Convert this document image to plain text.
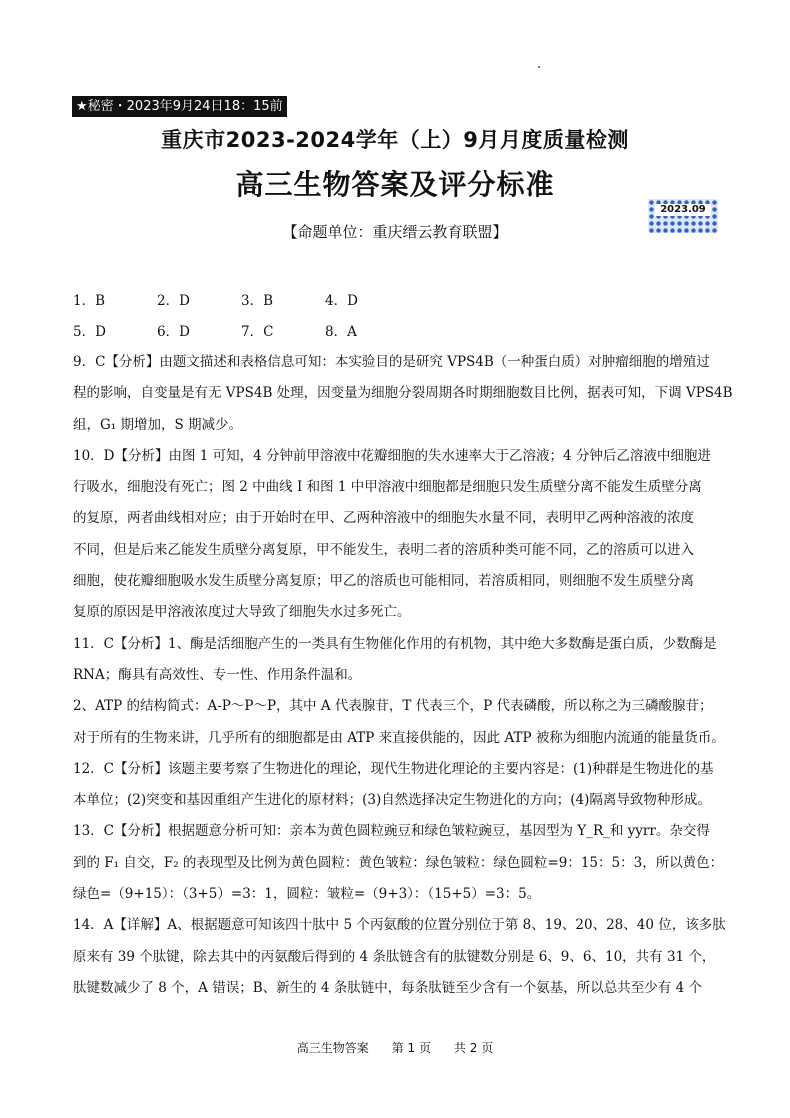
★秘密・2023年9月24日18：15前
重庆市2023-2024学年（上）9月月度质量检测
高三生物答案及评分标准
2023.09
【命题单位：重庆缙云教育联盟】
1．B	2．D	3．B	4．D
5．D	6．D	7．C	8．A
9．C【分析】由题文描述和表格信息可知：本实验目的是研究 VPS4B（一种蛋白质）对肿瘤细胞的增殖过
程的影响，自变量是有无 VPS4B 处理，因变量为细胞分裂周期各时期细胞数目比例，据表可知，下调 VPS4B
组，G₁ 期增加，S 期减少。
10．D【分析】由图 1 可知，4 分钟前甲溶液中花瓣细胞的失水速率大于乙溶液；4 分钟后乙溶液中细胞进
行吸水，细胞没有死亡；图 2 中曲线 I 和图 1 中甲溶液中细胞都是细胞只发生质壁分离不能发生质壁分离
的复原，两者曲线相对应；由于开始时在甲、乙两种溶液中的细胞失水量不同，表明甲乙两种溶液的浓度
不同，但是后来乙能发生质壁分离复原，甲不能发生，表明二者的溶质种类可能不同，乙的溶质可以进入
细胞，使花瓣细胞吸水发生质壁分离复原；甲乙的溶质也可能相同，若溶质相同，则细胞不发生质壁分离
复原的原因是甲溶液浓度过大导致了细胞失水过多死亡。
11．C【分析】1、酶是活细胞产生的一类具有生物催化作用的有机物，其中绝大多数酶是蛋白质，少数酶是
RNA；酶具有高效性、专一性、作用条件温和。
2、ATP 的结构简式：A-P～P～P，其中 A 代表腺苷，T 代表三个，P 代表磷酸，所以称之为三磷酸腺苷；
对于所有的生物来讲，几乎所有的细胞都是由 ATP 来直接供能的，因此 ATP 被称为细胞内流通的能量货币。
12．C【分析】该题主要考察了生物进化的理论，现代生物进化理论的主要内容是：(1)种群是生物进化的基
本单位；(2)突变和基因重组产生进化的原材料；(3)自然选择决定生物进化的方向；(4)隔离导致物种形成。
13．C【分析】根据题意分析可知：亲本为黄色圆粒豌豆和绿色皱粒豌豆，基因型为 Y_R_和 yyrr。杂交得
到的 F₁ 自交，F₂ 的表现型及比例为黄色圆粒：黄色皱粒：绿色皱粒：绿色圆粒=9：15：5：3，所以黄色：
绿色=（9+15）：（3+5）=3：1，圆粒：皱粒=（9+3）：（15+5）=3：5。
14．A【详解】A、根据题意可知该四十肽中 5 个丙氨酸的位置分别位于第 8、19、20、28、40 位，该多肽
原来有 39 个肽键，除去其中的丙氨酸后得到的 4 条肽链含有的肽键数分别是 6、9、6、10，共有 31 个，
肽键数减少了 8 个，A 错误；B、新生的 4 条肽链中，每条肽链至少含有一个氨基，所以总共至少有 4 个
高三生物答案 第 1 页 共 2 页
